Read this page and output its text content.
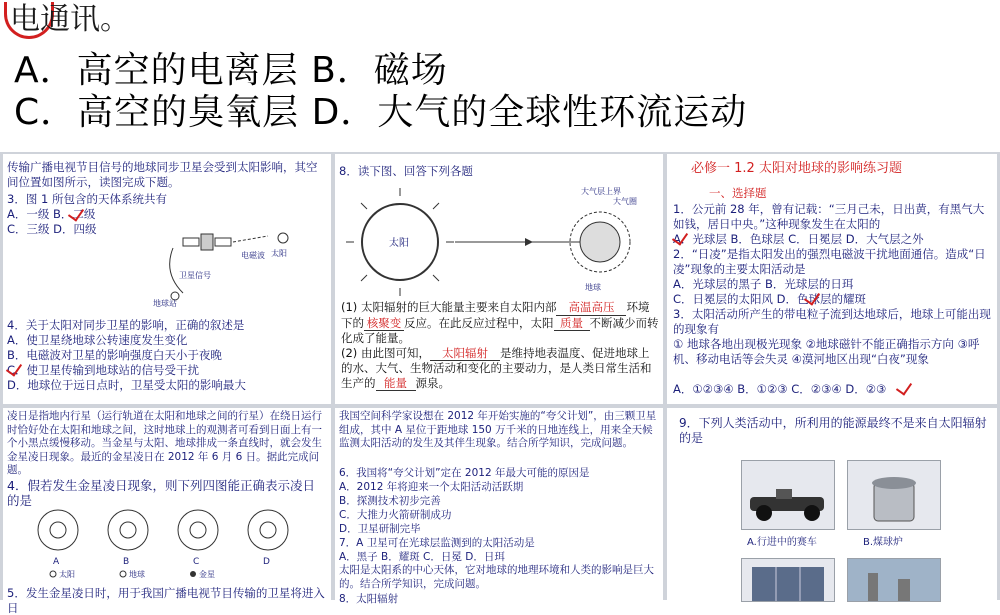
电通讯。
A．高空的电离层 B．磁场
C．高空的臭氧层 D．大气的全球性环流运动

传输广播电视节目信号的地球同步卫星会受到太阳影响，其空间位置如图所示，读图完成下题。

3．图 1 所包含的天体系统共有

A．一级 B．二级

C．三级 D．四级

太阳
电磁波
卫星信号
地球站

4．关于太阳对同步卫星的影响，正确的叙述是

A．使卫星绕地球公转速度发生变化

B．电磁波对卫星的影响强度白天小于夜晚

C．使卫星传输到地球站的信号受干扰

D．地球位于远日点时，卫星受太阳的影响最大

8．读下图、回答下列各题

太阳
地球
大气层上界
大气圈
(1) 太阳辐射的巨大能量主要来自太阳内部 高温高压 环境下的 核聚变 反应。在此反应过程中，太阳 质量 不断减少而转化成了能量。
(2) 由此图可知， 太阳辐射 是维持地表温度、促进地球上的水、大气、生物活动和变化的主要动力，是人类日常生活和生产的 能量 源泉。

必修一 1.2 太阳对地球的影响练习题

一、选择题

1．公元前 28 年，曾有记载：“三月己未，日出黄，有黑气大如钱，居日中央。”这种现象发生在太阳的

A．光球层 B．色球层 C．日冕层 D．大气层之外

2．“日凌”是指太阳发出的强烈电磁波干扰地面通信。造成“日凌”现象的主要太阳活动是

A．光球层的黑子 B．光球层的日珥

C．日冕层的太阳风 D．色球层的耀斑

3．太阳活动所产生的带电粒子流到达地球后，地球上可能出现的现象有

① 地球各地出现极光现象 ②地球磁针不能正确指示方向 ③呼机、移动电话等会失灵 ④漠河地区出现“白夜”现象

A．①②③④ B．①②③ C．②③④ D．②③

凌日是指地内行星（运行轨道在太阳和地球之间的行星）在绕日运行时恰好处在太阳和地球之间，这时地球上的观测者可看到日面上有一个小黑点缓慢移动。当金星与太阳、地球排成一条直线时，就会发生金星凌日现象。最近的金星凌日在 2012 年 6 月 6 日。据此完成问题。

4．假若发生金星凌日现象，则下列四图能正确表示凌日的是

A	B	C	D
太阳	地球	金星

5．发生金星凌日时，用于我国广播电视节目传输的卫星将进入日

我国空间科学家设想在 2012 年开始实施的“夸父计划”，由三颗卫星组成，其中 A 星位于距地球 150 万千米的日地连线上，用来全天候监测太阳活动的发生及其伴生现象。结合所学知识，完成问题。

6．我国将“夸父计划”定在 2012 年最大可能的原因是

A．2012 年将迎来一个太阳活动活跃期

B．探测技术初步完善

C．大推力火箭研制成功

D．卫星研制完毕

7．A 卫星可在光球层监测到的太阳活动是

A．黑子 B．耀斑 C．日冕 D．日珥

太阳是太阳系的中心天体，它对地球的地理环境和人类的影响是巨大的。结合所学知识，完成问题。

8．太阳辐射

9．下列人类活动中，所利用的能源最终不是来自太阳辐射的是

A.行进中的赛车	B.煤球炉
